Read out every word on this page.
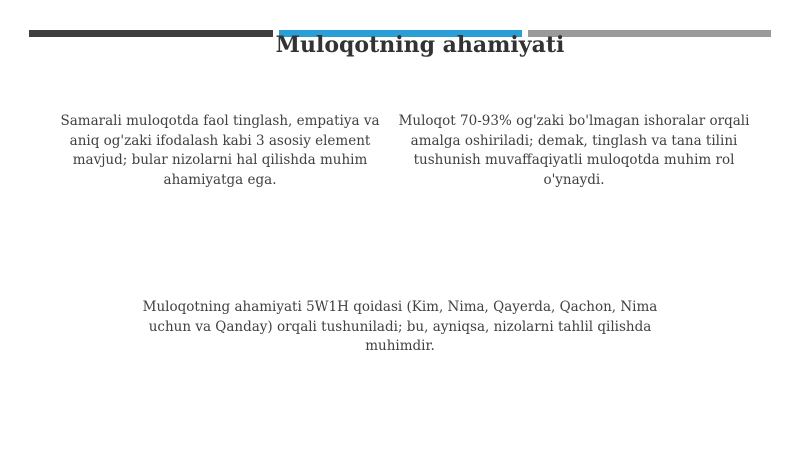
Muloqotning ahamiyati

Samarali muloqotda faol tinglash, empatiya va aniq og'zaki ifodalash kabi 3 asosiy element mavjud; bular nizolarni hal qilishda muhim ahamiyatga ega.

Muloqot 70-93% og'zaki bo'lmagan ishoralar orqali amalga oshiriladi; demak, tinglash va tana tilini tushunish muvaffaqiyatli muloqotda muhim rol o'ynaydi.

Muloqotning ahamiyati 5W1H qoidasi (Kim, Nima, Qayerda, Qachon, Nima uchun va Qanday) orqali tushuniladi; bu, ayniqsa, nizolarni tahlil qilishda muhimdir.
